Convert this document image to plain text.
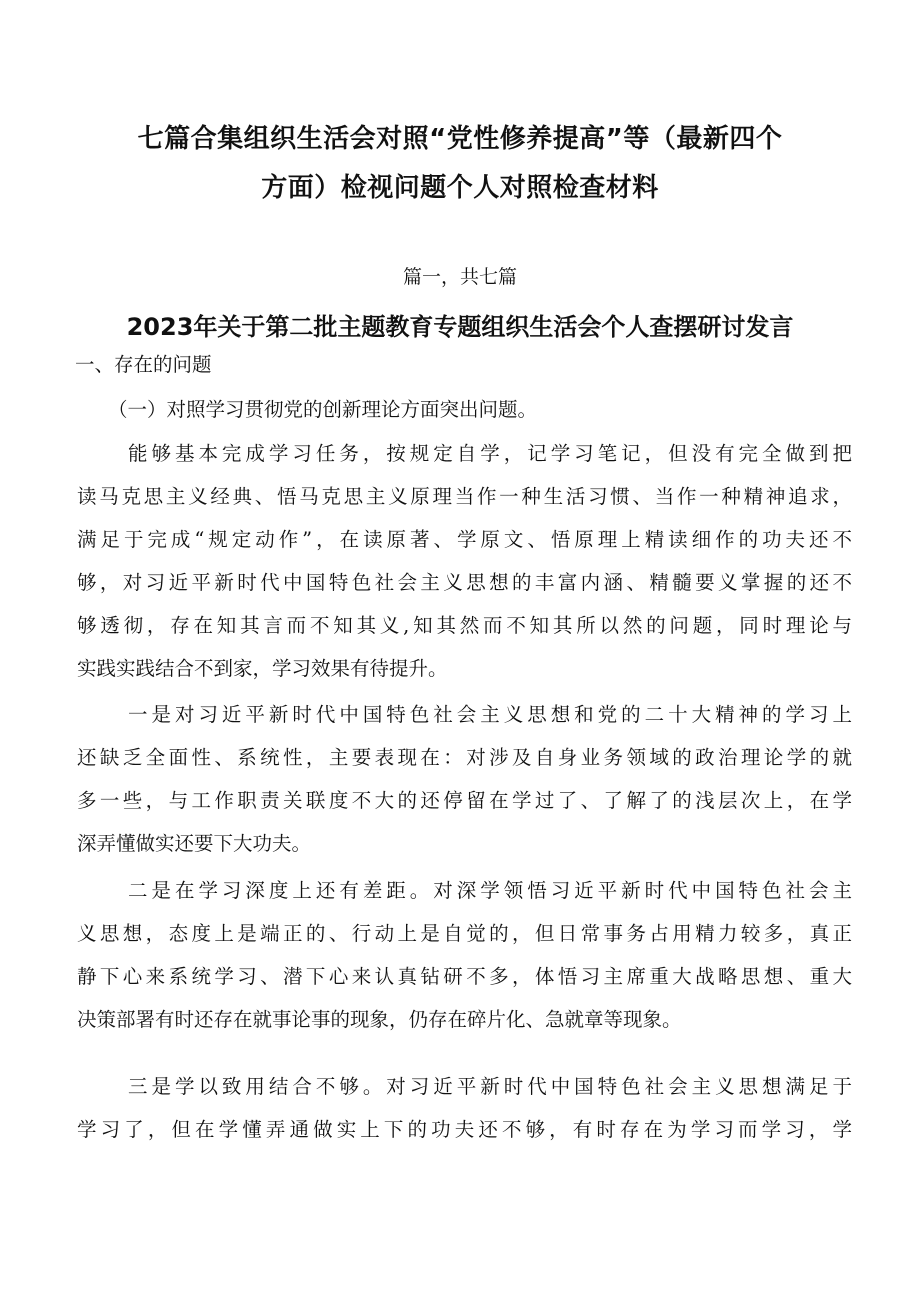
七篇合集组织生活会对照“党性修养提高”等（最新四个
方面）检视问题个人对照检查材料
篇一，共七篇
2023年关于第二批主题教育专题组织生活会个人查摆研讨发言
一、存在的问题
（一）对照学习贯彻党的创新理论方面突出问题。
能够基本完成学习任务，按规定自学，记学习笔记，但没有完全做到把
读马克思主义经典、悟马克思主义原理当作一种生活习惯、当作一种精神追求，
满足于完成“规定动作”，在读原著、学原文、悟原理上精读细作的功夫还不
够，对习近平新时代中国特色社会主义思想的丰富内涵、精髓要义掌握的还不
够透彻，存在知其言而不知其义,知其然而不知其所以然的问题，同时理论与
实践实践结合不到家，学习效果有待提升。
一是对习近平新时代中国特色社会主义思想和党的二十大精神的学习上
还缺乏全面性、系统性，主要表现在：对涉及自身业务领域的政治理论学的就
多一些，与工作职责关联度不大的还停留在学过了、了解了的浅层次上，在学
深弄懂做实还要下大功夫。
二是在学习深度上还有差距。对深学领悟习近平新时代中国特色社会主
义思想，态度上是端正的、行动上是自觉的，但日常事务占用精力较多，真正
静下心来系统学习、潜下心来认真钻研不多，体悟习主席重大战略思想、重大
决策部署有时还存在就事论事的现象，仍存在碎片化、急就章等现象。
三是学以致用结合不够。对习近平新时代中国特色社会主义思想满足于
学习了，但在学懂弄通做实上下的功夫还不够，有时存在为学习而学习，学
